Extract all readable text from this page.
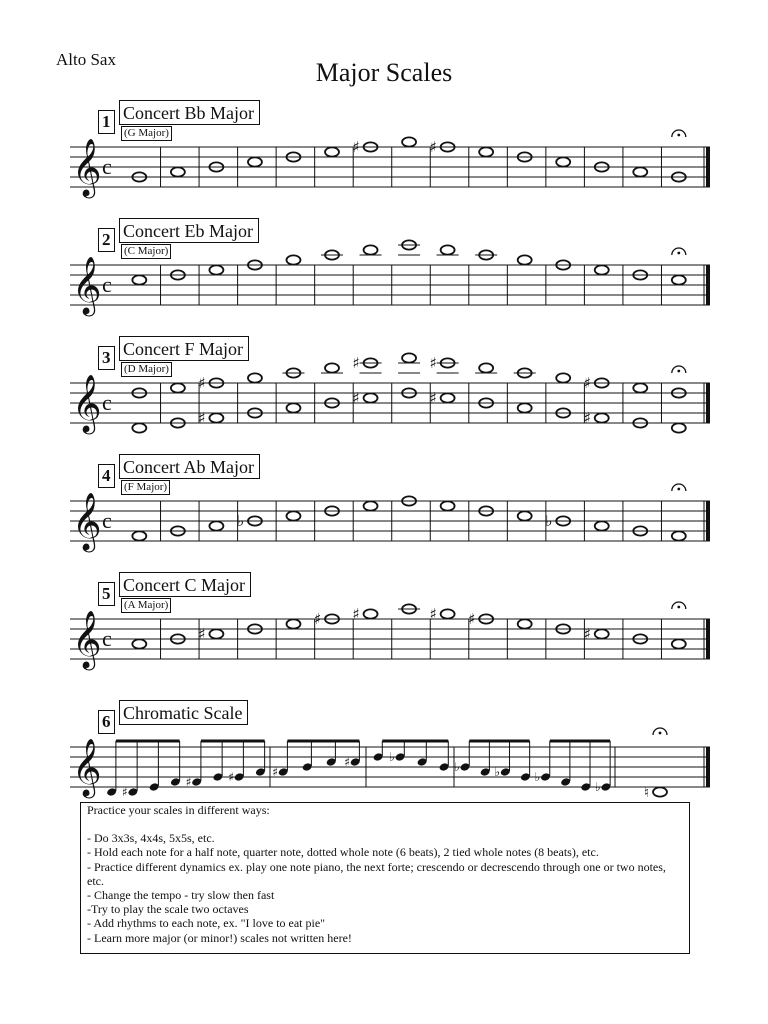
Alto Sax	Major Scales
1 Concert Bb Major
(G Major)
𝄞 c
♯	♯
2 Concert Eb Major
(C Major)
𝄞 c
3 Concert F Major
(D Major)
𝄞 c
♯
♯
♯
♯
♯
♯
♯
♯
4 Concert Ab Major
(F Major)
𝄞 c	♭	♭
5 Concert C Major
(A Major)
𝄞 c	♯
♯ ♯	♯ ♯
♯
6 Chromatic Scale
𝄞 ♯
♯	♯	♯
♯	♭
♭	♭	♭
♭	♮
Practice your scales in different ways:
- Do 3x3s, 4x4s, 5x5s, etc.
- Hold each note for a half note, quarter note, dotted whole note (6 beats), 2 tied whole notes (8 beats), etc.
- Practice different dynamics ex. play one note piano, the next forte; crescendo or decrescendo through one or two notes, etc.
- Change the tempo - try slow then fast
-Try to play the scale two octaves
- Add rhythms to each note, ex. "I love to eat pie"
- Learn more major (or minor!) scales not written here!
